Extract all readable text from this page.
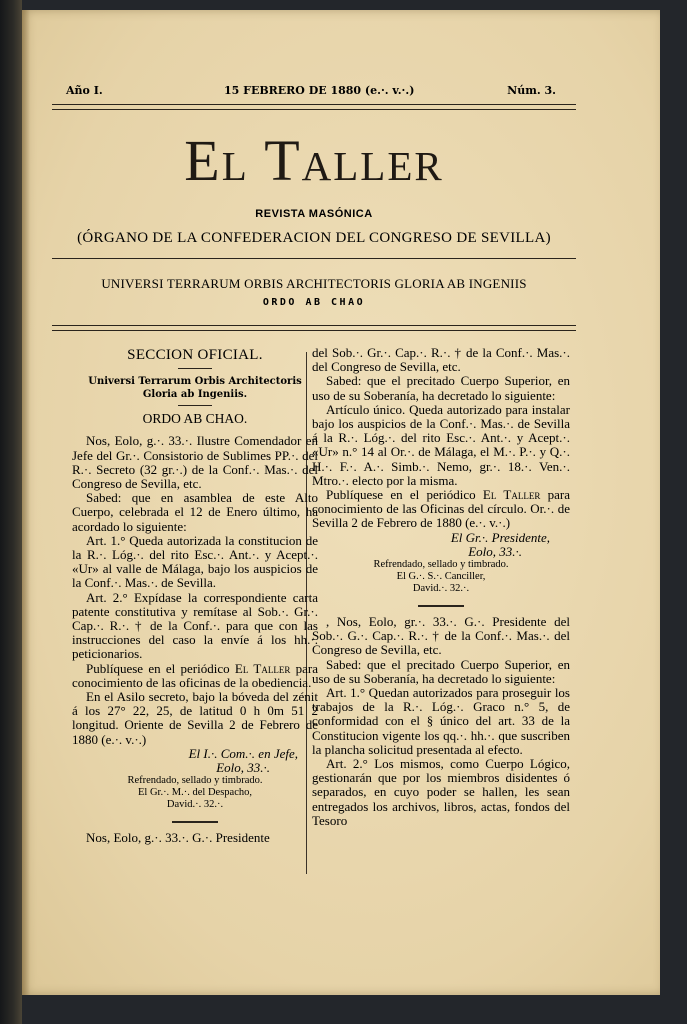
Año I.	15 FEBRERO DE 1880 (e.·. v.·.)	Núm. 3.
El Taller
REVISTA MASÓNICA
(ÓRGANO DE LA CONFEDERACION DEL CONGRESO DE SEVILLA)
UNIVERSI TERRARUM ORBIS ARCHITECTORIS GLORIA AB INGENIIS
ORDO AB CHAO
SECCION OFICIAL.
Universi Terrarum Orbis Architectoris
Gloria ab Ingeniis.

ORDO AB CHAO.

Nos, Eolo, g.·. 33.·. Ilustre Comendador en Jefe del Gr.·. Consistorio de Sublimes PP.·. del R.·. Secreto (32 gr.·.) de la Conf.·. Mas.·. del Congreso de Sevilla, etc.

Sabed: que en asamblea de este Alto Cuerpo, celebrada el 12 de Enero último, ha acordado lo siguiente:

Art. 1.° Queda autorizada la constitucion de la R.·. Lóg.·. del rito Esc.·. Ant.·. y Acept.·. «Ur» al valle de Málaga, bajo los auspicios de la Conf.·. Mas.·. de Sevilla.

Art. 2.° Expídase la correspondiente carta patente constitutiva y remítase al Sob.·. Gr.·. Cap.·. R.·. † de la Conf.·. para que con las instrucciones del caso la envíe á los hh.·. peticionarios.

Publíquese en el periódico El Taller para conocimiento de las oficinas de la obediencia.

En el Asilo secreto, bajo la bóveda del zénit á los 27° 22, 25, de latitud 0 h 0m 51 2 longitud. Oriente de Sevilla 2 de Febrero de 1880 (e.·. v.·.)

El I.·. Com.·. en Jefe,

Eolo, 33.·.

Refrendado, sellado y timbrado.

El Gr.·. M.·. del Despacho,

David.·. 32.·.

Nos, Eolo, g.·. 33.·. G.·. Presidente

del Sob.·. Gr.·. Cap.·. R.·. † de la Conf.·. Mas.·. del Congreso de Sevilla, etc.

Sabed: que el precitado Cuerpo Superior, en uso de su Soberanía, ha decretado lo siguiente:

Artículo único. Queda autorizado para instalar bajo los auspicios de la Conf.·. Mas.·. de Sevilla á la R.·. Lóg.·. del rito Esc.·. Ant.·. y Acept.·. «Ur» n.° 14 al Or.·. de Málaga, el M.·. P.·. y Q.·. H.·. F.·. A.·. Simb.·. Nemo, gr.·. 18.·. Ven.·. Mtro.·. electo por la misma.

Publíquese en el periódico El Taller para conocimiento de las Oficinas del círculo. Or.·. de Sevilla 2 de Febrero de 1880 (e.·. v.·.)

El Gr.·. Presidente,

Eolo, 33.·.

Refrendado, sellado y timbrado.

El G.·. S.·. Canciller,

David.·. 32.·.

, Nos, Eolo, gr.·. 33.·. G.·. Presidente del Sob.·. G.·. Cap.·. R.·. † de la Conf.·. Mas.·. del Congreso de Sevilla, etc.

Sabed: que el precitado Cuerpo Superior, en uso de su Soberanía, ha decretado lo siguiente:

Art. 1.° Quedan autorizados para proseguir los trabajos de la R.·. Lóg.·. Graco n.° 5, de conformidad con el § único del art. 33 de la Constitucion vigente los qq.·. hh.·. que suscriben la plancha solicitud presentada al efecto.

Art. 2.° Los mismos, como Cuerpo Lógico, gestionarán que por los miembros disidentes ó separados, en cuyo poder se hallen, les sean entregados los archivos, libros, actas, fondos del Tesoro
